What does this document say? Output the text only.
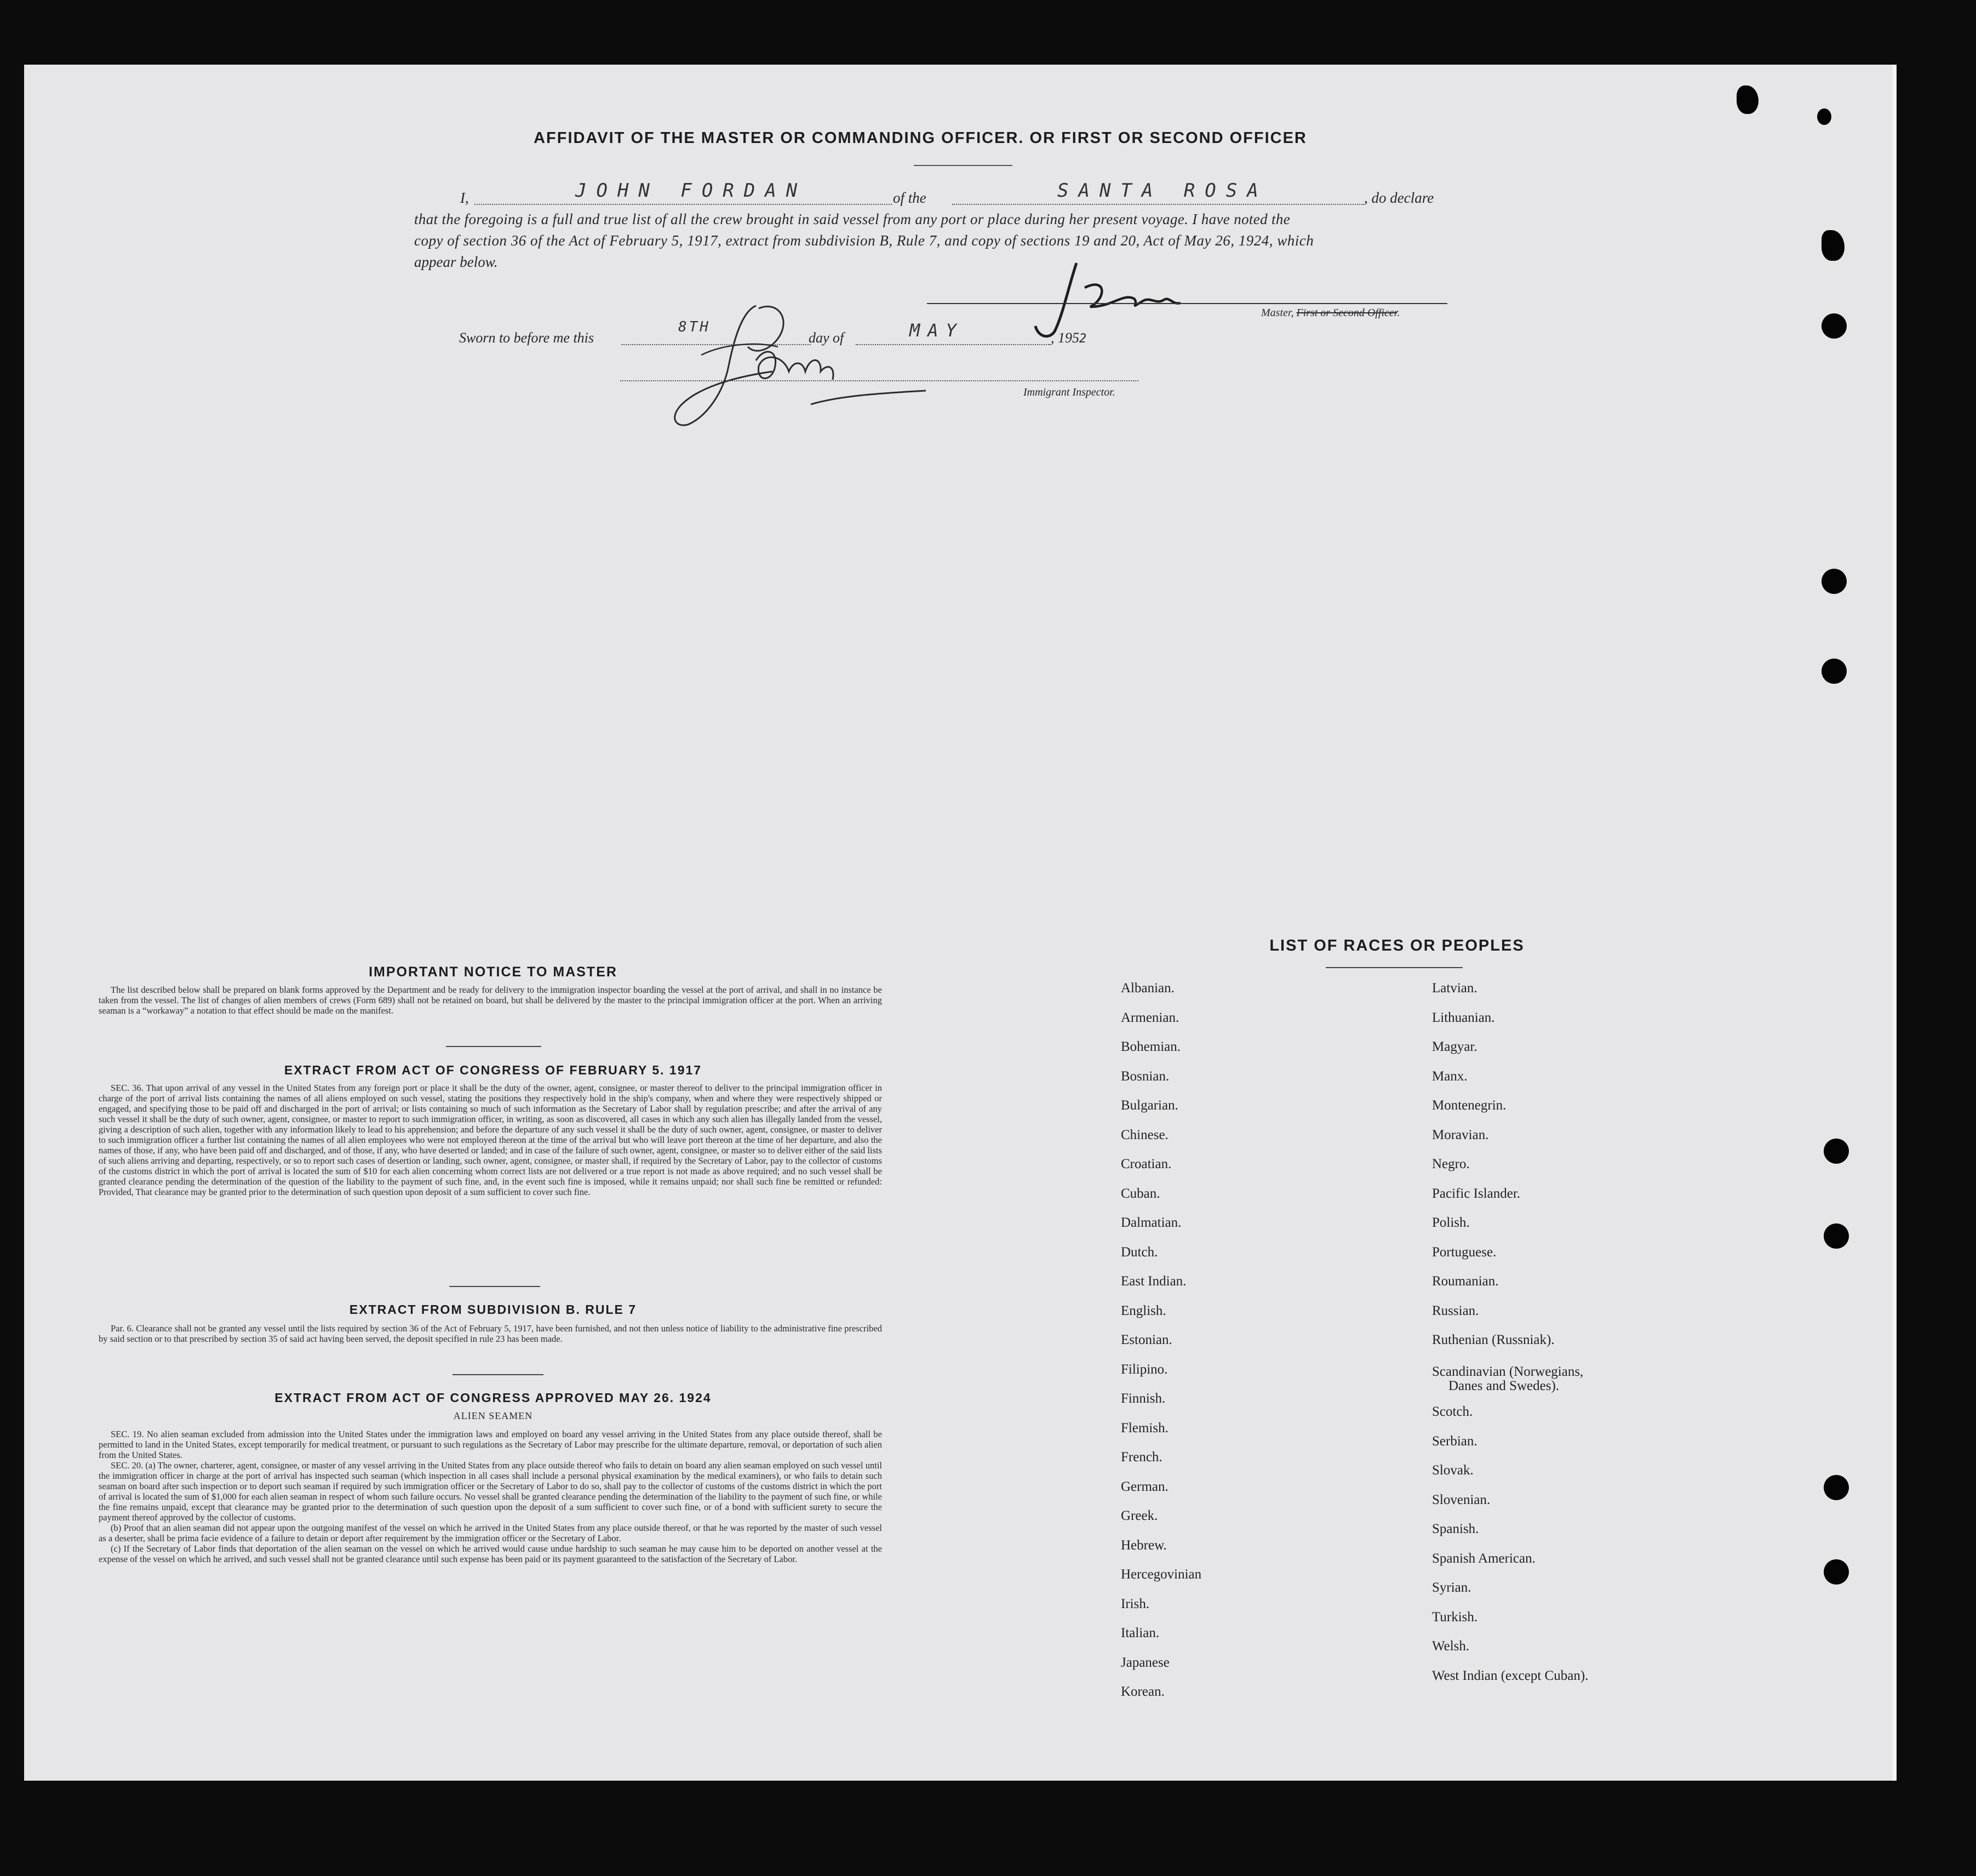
AFFIDAVIT OF THE MASTER OR COMMANDING OFFICER. OR FIRST OR SECOND OFFICER
I,	JOHN FORDAN	of the	SANTA ROSA	, do declare
that the foregoing is a full and true list of all the crew brought in said vessel from any port or place during her present voyage. I have noted the
copy of section 36 of the Act of February 5, 1917, extract from subdivision B, Rule 7, and copy of sections 19 and 20, Act of May 26, 1924, which
appear below.
Master, First or Second Officer.
Sworn to before me this
8TH
day of	MAY	, 1952
Immigrant Inspector.
IMPORTANT NOTICE TO MASTER

The list described below shall be prepared on blank forms approved by the Department and be ready for delivery to the immigration inspector boarding the vessel at the port of arrival, and shall in no instance be taken from the vessel. The list of changes of alien members of crews (Form 689) shall not be retained on board, but shall be delivered by the master to the principal immigration officer at the port. When an arriving seaman is a “workaway” a notation to that effect should be made on the manifest.

EXTRACT FROM ACT OF CONGRESS OF FEBRUARY 5. 1917

SEC. 36. That upon arrival of any vessel in the United States from any foreign port or place it shall be the duty of the owner, agent, consignee, or master thereof to deliver to the principal immigration officer in charge of the port of arrival lists containing the names of all aliens employed on such vessel, stating the positions they respectively hold in the ship's company, when and where they were respectively shipped or engaged, and specifying those to be paid off and discharged in the port of arrival; or lists containing so much of such information as the Secretary of Labor shall by regulation prescribe; and after the arrival of any such vessel it shall be the duty of such owner, agent, consignee, or master to report to such immigration officer, in writing, as soon as discovered, all cases in which any such alien has illegally landed from the vessel, giving a description of such alien, together with any information likely to lead to his apprehension; and before the departure of any such vessel it shall be the duty of such owner, agent, consignee, or master to deliver to such immigration officer a further list containing the names of all alien employees who were not employed thereon at the time of the arrival but who will leave port thereon at the time of her departure, and also the names of those, if any, who have been paid off and discharged, and of those, if any, who have deserted or landed; and in case of the failure of such owner, agent, consignee, or master so to deliver either of the said lists of such aliens arriving and departing, respectively, or so to report such cases of desertion or landing, such owner, agent, consignee, or master shall, if required by the Secretary of Labor, pay to the collector of customs of the customs district in which the port of arrival is located the sum of $10 for each alien concerning whom correct lists are not delivered or a true report is not made as above required; and no such vessel shall be granted clearance pending the determination of the question of the liability to the payment of such fine, and, in the event such fine is imposed, while it remains unpaid; nor shall such fine be remitted or refunded: Provided, That clearance may be granted prior to the determination of such question upon deposit of a sum sufficient to cover such fine.

EXTRACT FROM SUBDIVISION B. RULE 7

Par. 6. Clearance shall not be granted any vessel until the lists required by section 36 of the Act of February 5, 1917, have been furnished, and not then unless notice of liability to the administrative fine prescribed by said section or to that prescribed by section 35 of said act having been served, the deposit specified in rule 23 has been made.

EXTRACT FROM ACT OF CONGRESS APPROVED MAY 26. 1924
ALIEN SEAMEN

SEC. 19. No alien seaman excluded from admission into the United States under the immigration laws and employed on board any vessel arriving in the United States from any place outside thereof, shall be permitted to land in the United States, except temporarily for medical treatment, or pursuant to such regulations as the Secretary of Labor may prescribe for the ultimate departure, removal, or deportation of such alien from the United States.

SEC. 20. (a) The owner, charterer, agent, consignee, or master of any vessel arriving in the United States from any place outside thereof who fails to detain on board any alien seaman employed on such vessel until the immigration officer in charge at the port of arrival has inspected such seaman (which inspection in all cases shall include a personal physical examination by the medical examiners), or who fails to detain such seaman on board after such inspection or to deport such seaman if required by such immigration officer or the Secretary of Labor to do so, shall pay to the collector of customs of the customs district in which the port of arrival is located the sum of $1,000 for each alien seaman in respect of whom such failure occurs. No vessel shall be granted clearance pending the determination of the liability to the payment of such fine, or while the fine remains unpaid, except that clearance may be granted prior to the determination of such question upon the deposit of a sum sufficient to cover such fine, or of a bond with sufficient surety to secure the payment thereof approved by the collector of customs.

(b) Proof that an alien seaman did not appear upon the outgoing manifest of the vessel on which he arrived in the United States from any place outside thereof, or that he was reported by the master of such vessel as a deserter, shall be prima facie evidence of a failure to detain or deport after requirement by the immigration officer or the Secretary of Labor.

(c) If the Secretary of Labor finds that deportation of the alien seaman on the vessel on which he arrived would cause undue hardship to such seaman he may cause him to be deported on another vessel at the expense of the vessel on which he arrived, and such vessel shall not be granted clearance until such expense has been paid or its payment guaranteed to the satisfaction of the Secretary of Labor.

LIST OF RACES OR PEOPLES
Albanian.
Armenian.
Bohemian.
Bosnian.
Bulgarian.
Chinese.
Croatian.
Cuban.
Dalmatian.
Dutch.
East Indian.
English.
Estonian.
Filipino.
Finnish.
Flemish.
French.
German.
Greek.
Hebrew.
Hercegovinian
Irish.
Italian.
Japanese
Korean.
Latvian.
Lithuanian.
Magyar.
Manx.
Montenegrin.
Moravian.
Negro.
Pacific Islander.
Polish.
Portuguese.
Roumanian.
Russian.
Ruthenian (Russniak).
Scandinavian (Norwegians,
Scotch.
Serbian.
Slovak.
Slovenian.
Spanish.
Spanish American.
Syrian.
Turkish.
Welsh.
West Indian (except Cuban).
Danes and Swedes).
